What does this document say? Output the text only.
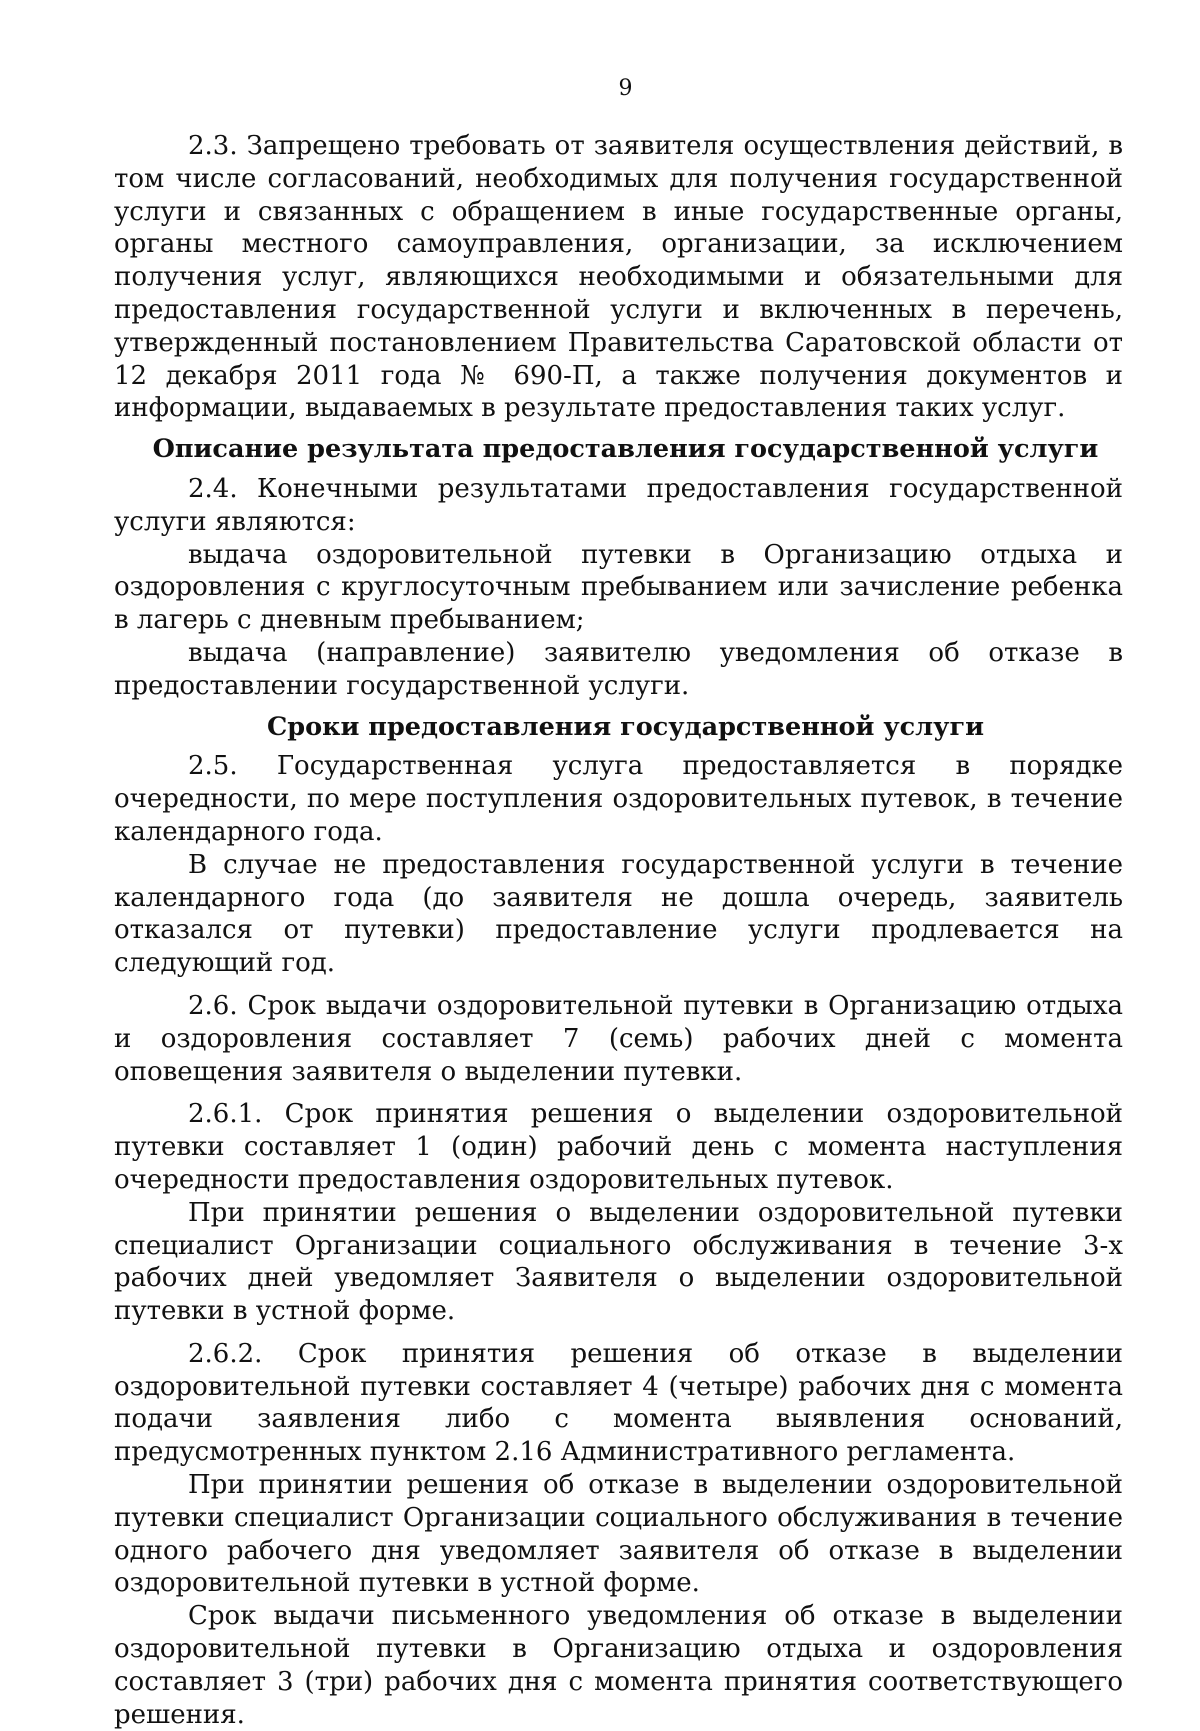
9

2.3. Запрещено требовать от заявителя осуществления действий, в том числе согласований, необходимых для получения государственной услуги и связанных с обращением в иные государственные органы, органы местного самоуправления, организации, за исключением получения услуг, являющихся необходимыми и обязательными для предоставления государственной услуги и включенных в перечень, утвержденный постановлением Правительства Саратовской области от 12 декабря 2011 года № 690-П, а также получения документов и информации, выдаваемых в результате предоставления таких услуг.

Описание результата предоставления государственной услуги

2.4. Конечными результатами предоставления государственной услуги являются:

выдача оздоровительной путевки в Организацию отдыха и оздоровления с круглосуточным пребыванием или зачисление ребенка в лагерь с дневным пребыванием;

выдача (направление) заявителю уведомления об отказе в предоставлении государственной услуги.

Сроки предоставления государственной услуги

2.5. Государственная услуга предоставляется в порядке очередности, по мере поступления оздоровительных путевок, в течение календарного года.

В случае не предоставления государственной услуги в течение календарного года (до заявителя не дошла очередь, заявитель отказался от путевки) предоставление услуги продлевается на следующий год.

2.6. Срок выдачи оздоровительной путевки в Организацию отдыха и оздоровления составляет 7 (семь) рабочих дней с момента оповещения заявителя о выделении путевки.

2.6.1. Срок принятия решения о выделении оздоровительной путевки составляет 1 (один) рабочий день с момента наступления очередности предоставления оздоровительных путевок.

При принятии решения о выделении оздоровительной путевки специалист Организации социального обслуживания в течение 3-х рабочих дней уведомляет Заявителя о выделении оздоровительной путевки в устной форме.

2.6.2. Срок принятия решения об отказе в выделении оздоровительной путевки составляет 4 (четыре) рабочих дня с момента подачи заявления либо с момента выявления оснований, предусмотренных пунктом 2.16 Административного регламента.

При принятии решения об отказе в выделении оздоровительной путевки специалист Организации социального обслуживания в течение одного рабочего дня уведомляет заявителя об отказе в выделении оздоровительной путевки в устной форме.

Срок выдачи письменного уведомления об отказе в выделении оздоровительной путевки в Организацию отдыха и оздоровления составляет 3 (три) рабочих дня с момента принятия соответствующего решения.
